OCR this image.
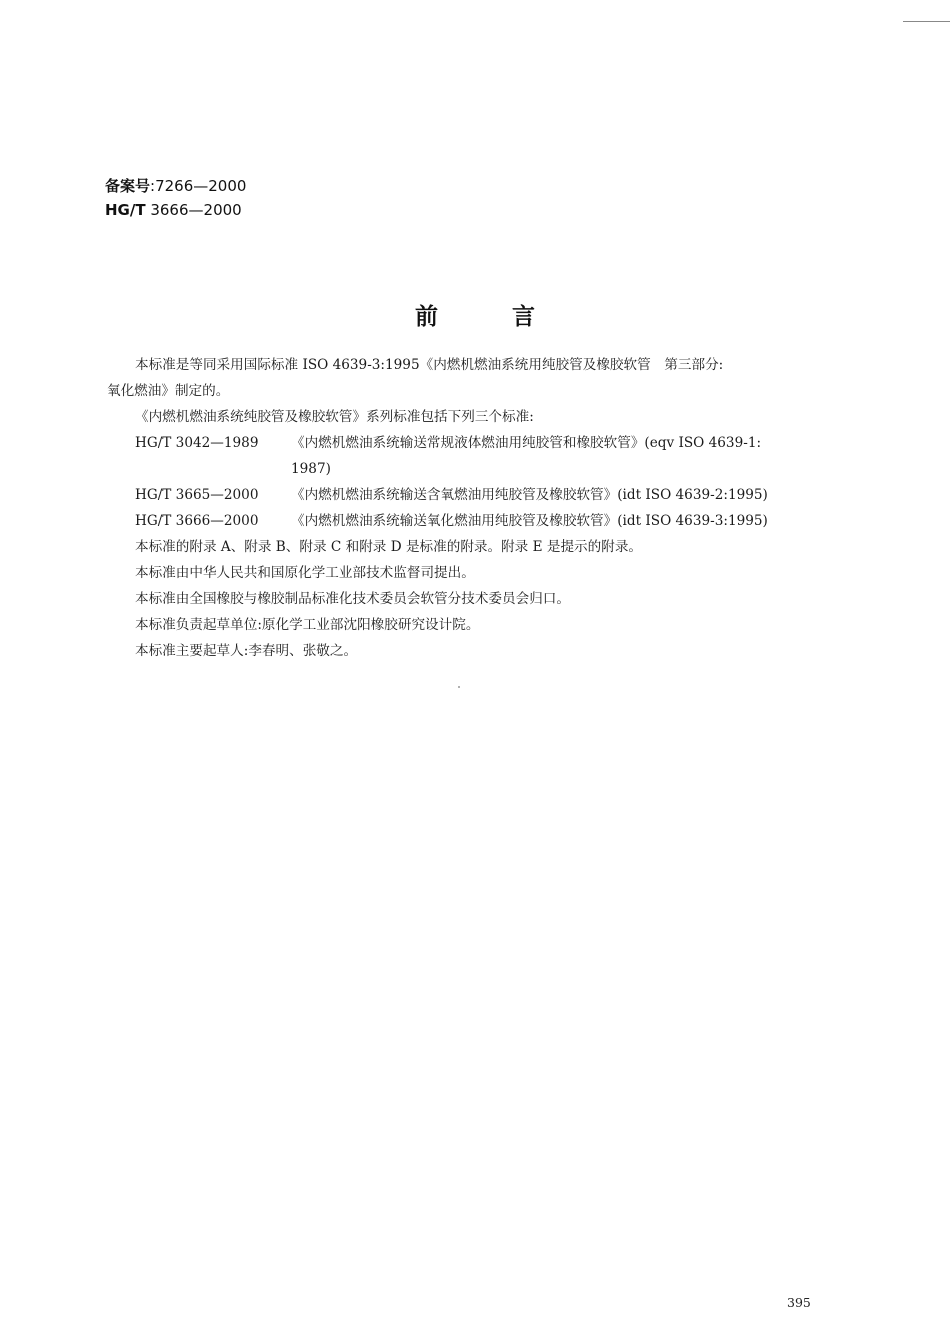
备案号:7266—2000
HG/T 3666—2000
前言

本标准是等同采用国际标准 ISO 4639-3:1995《内燃机燃油系统用纯胶管及橡胶软管　第三部分:

氧化燃油》制定的。

《内燃机燃油系统纯胶管及橡胶软管》系列标准包括下列三个标准:

HG/T 3042—1989	《内燃机燃油系统输送常规液体燃油用纯胶管和橡胶软管》(eqv ISO 4639-1:
1987)
HG/T 3665—2000	《内燃机燃油系统输送含氧燃油用纯胶管及橡胶软管》(idt ISO 4639-2:1995)
HG/T 3666—2000	《内燃机燃油系统输送氧化燃油用纯胶管及橡胶软管》(idt ISO 4639-3:1995)

本标准的附录 A、附录 B、附录 C 和附录 D 是标准的附录。附录 E 是提示的附录。

本标准由中华人民共和国原化学工业部技术监督司提出。

本标准由全国橡胶与橡胶制品标准化技术委员会软管分技术委员会归口。

本标准负责起草单位:原化学工业部沈阳橡胶研究设计院。

本标准主要起草人:李春明、张敬之。

395
